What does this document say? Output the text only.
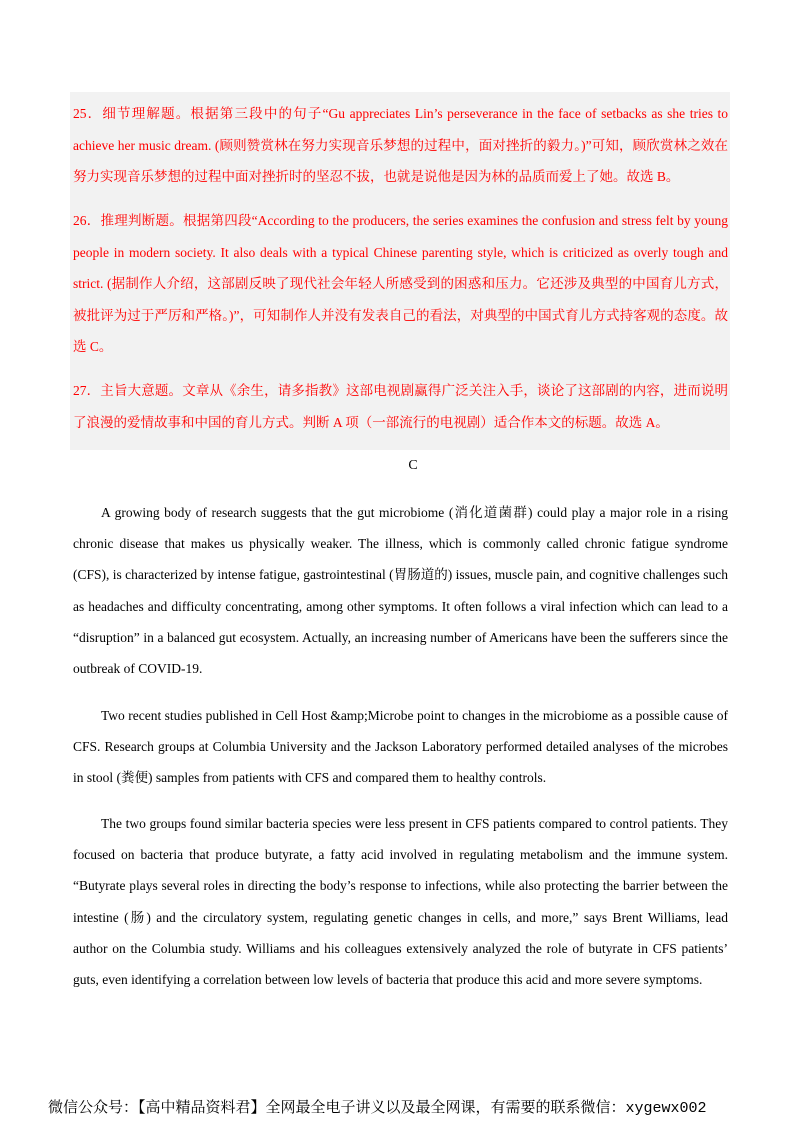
25．细节理解题。根据第三段中的句子“Gu appreciates Lin’s perseverance in the face of setbacks as she tries to achieve her music dream. (顾则赞赏林在努力实现音乐梦想的过程中，面对挫折的毅力。)”可知，顾欣赏林之效在努力实现音乐梦想的过程中面对挫折时的坚忍不拔，也就是说他是因为林的品质而爱上了她。故选 B。
26．推理判断题。根据第四段“According to the producers, the series examines the confusion and stress felt by young people in modern society. It also deals with a typical Chinese parenting style, which is criticized as overly tough and strict. (据制作人介绍，这部剧反映了现代社会年轻人所感受到的困惑和压力。它还涉及典型的中国育儿方式，被批评为过于严厉和严格。)”，可知制作人并没有发表自己的看法，对典型的中国式育儿方式持客观的态度。故选 C。
27．主旨大意题。文章从《余生，请多指教》这部电视剧赢得广泛关注入手，谈论了这部剧的内容，进而说明了浪漫的爱情故事和中国的育儿方式。判断 A 项（一部流行的电视剧）适合作本文的标题。故选 A。
C

A growing body of research suggests that the gut microbiome (消化道菌群) could play a major role in a rising chronic disease that makes us physically weaker. The illness, which is commonly called chronic fatigue syndrome (CFS), is characterized by intense fatigue, gastrointestinal (胃肠道的) issues, muscle pain, and cognitive challenges such as headaches and difficulty concentrating, among other symptoms. It often follows a viral infection which can lead to a “disruption” in a balanced gut ecosystem. Actually, an increasing number of Americans have been the sufferers since the outbreak of COVID-19.

Two recent studies published in Cell Host &amp;Microbe point to changes in the microbiome as a possible cause of CFS. Research groups at Columbia University and the Jackson Laboratory performed detailed analyses of the microbes in stool (粪便) samples from patients with CFS and compared them to healthy controls.

The two groups found similar bacteria species were less present in CFS patients compared to control patients. They focused on bacteria that produce butyrate, a fatty acid involved in regulating metabolism and the immune system. “Butyrate plays several roles in directing the body’s response to infections, while also protecting the barrier between the intestine (肠) and the circulatory system, regulating genetic changes in cells, and more,” says Brent Williams, lead author on the Columbia study. Williams and his colleagues extensively analyzed the role of butyrate in CFS patients’ guts, even identifying a correlation between low levels of bacteria that produce this acid and more severe symptoms.

微信公众号：【高中精品资料君】全网最全电子讲义以及最全网课，有需要的联系微信：xygewx002
